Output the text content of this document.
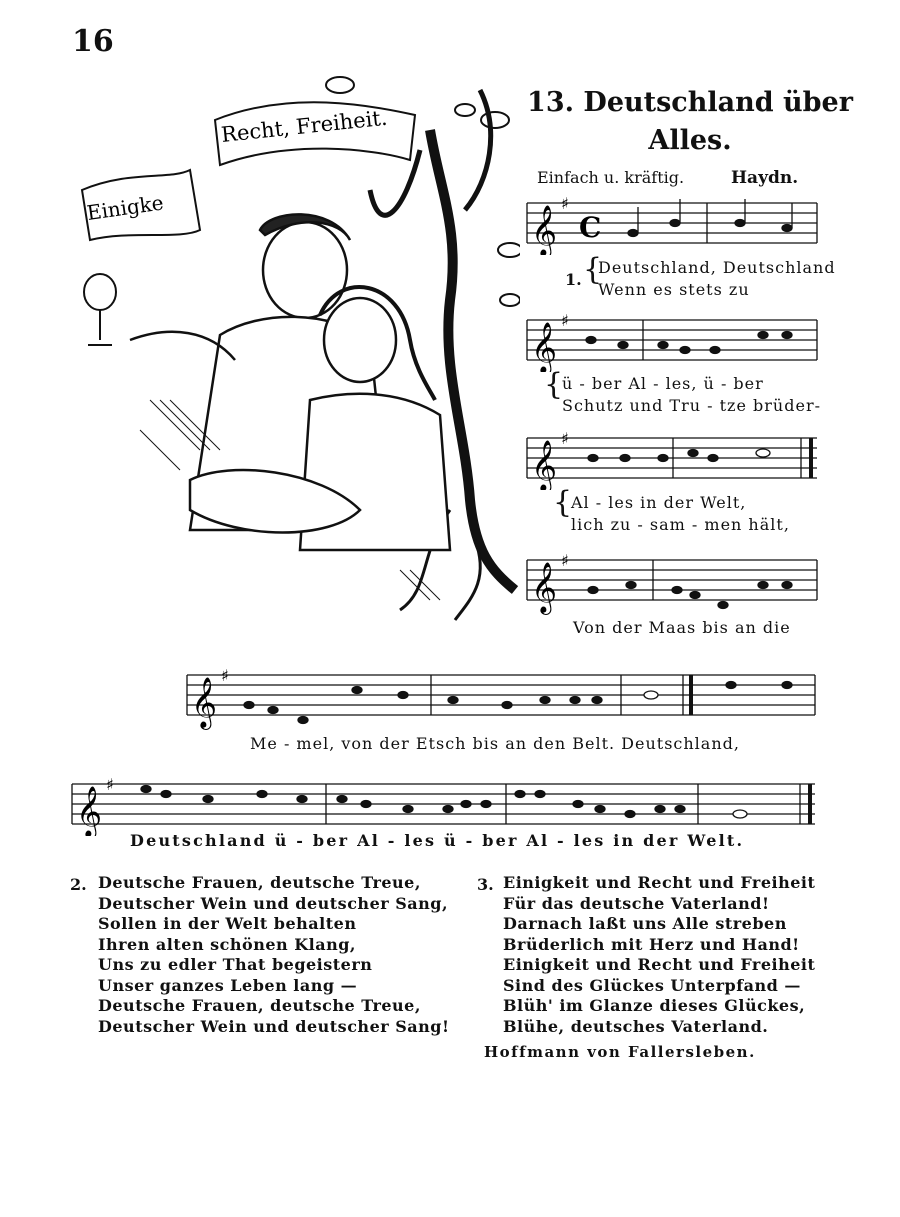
16
Einigke
Recht, Freiheit.
13. Deutschland über
Alles.
Einfach u. kräftig.	Haydn.
𝄞
♯
C
1. {
Deutschland, Deutschland
Wenn es stets zu
𝄞
♯
{
ü - ber Al - les, ü - ber
Schutz und Tru - tze brüder-
𝄞
♯
{
Al - les in der Welt,
lich zu - sam - men hält,
𝄞
♯
Von der Maas bis an die
𝄞
♯
Me - mel, von der Etsch bis an den Belt. Deutschland,
𝄞
♯
Deutschland ü - ber Al - les ü - ber Al - les in der Welt.
2. Deutsche Frauen, deutsche Treue,
Deutscher Wein und deutscher Sang,
Sollen in der Welt behalten
Ihren alten schönen Klang,
Uns zu edler That begeistern
Unser ganzes Leben lang —
Deutsche Frauen, deutsche Treue,
Deutscher Wein und deutscher Sang!
3. Einigkeit und Recht und Freiheit
Für das deutsche Vaterland!
Darnach laßt uns Alle streben
Brüderlich mit Herz und Hand!
Einigkeit und Recht und Freiheit
Sind des Glückes Unterpfand —
Blüh' im Glanze dieses Glückes,
Blühe, deutsches Vaterland.
Hoffmann von Fallersleben.
